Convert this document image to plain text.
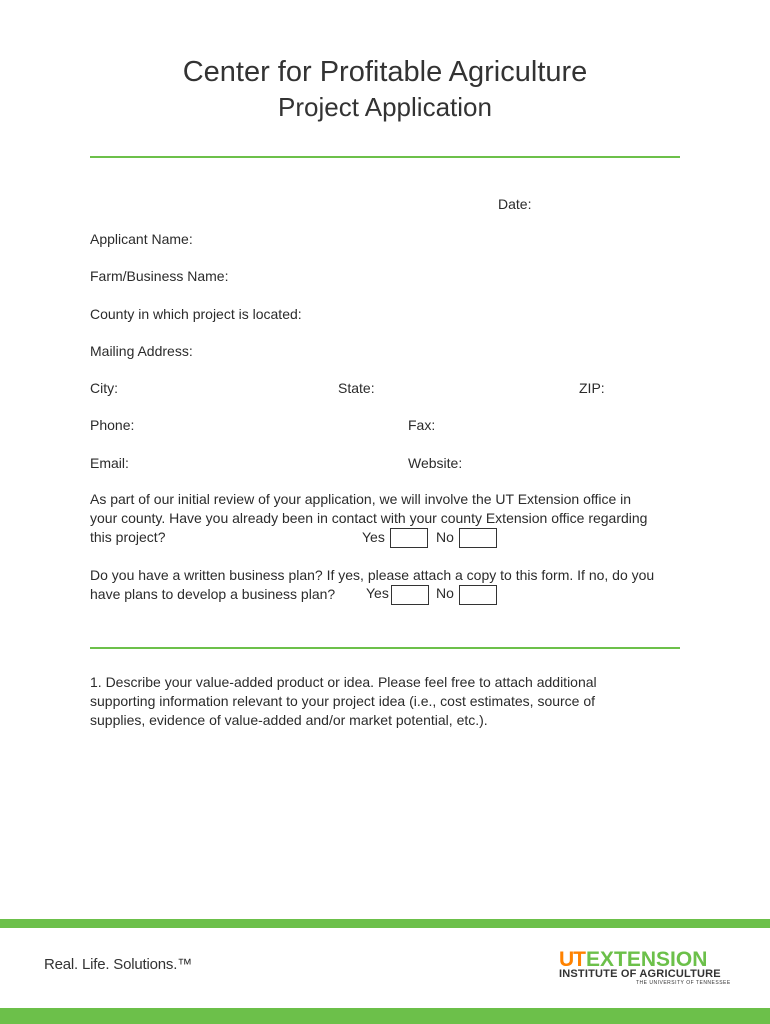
Center for Profitable Agriculture
Project Application
Date:
Applicant Name:
Farm/Business Name:
County in which project is located:
Mailing Address:
City:	State:	ZIP:
Phone:	Fax:
Email:	Website:
As part of our initial review of your application, we will involve the UT Extension office in
your county. Have you already been in contact with your county Extension office regarding
this project?	Yes	No
Do you have a written business plan? If yes, please attach a copy to this form. If no, do you
have plans to develop a business plan?	Yes	No
1. Describe your value-added product or idea. Please feel free to attach additional
supporting information relevant to your project idea (i.e., cost estimates, source of
supplies, evidence of value-added and/or market potential, etc.).
Real. Life. Solutions.™	UT EXTENSION
INSTITUTE OF AGRICULTURE
THE UNIVERSITY OF TENNESSEE
